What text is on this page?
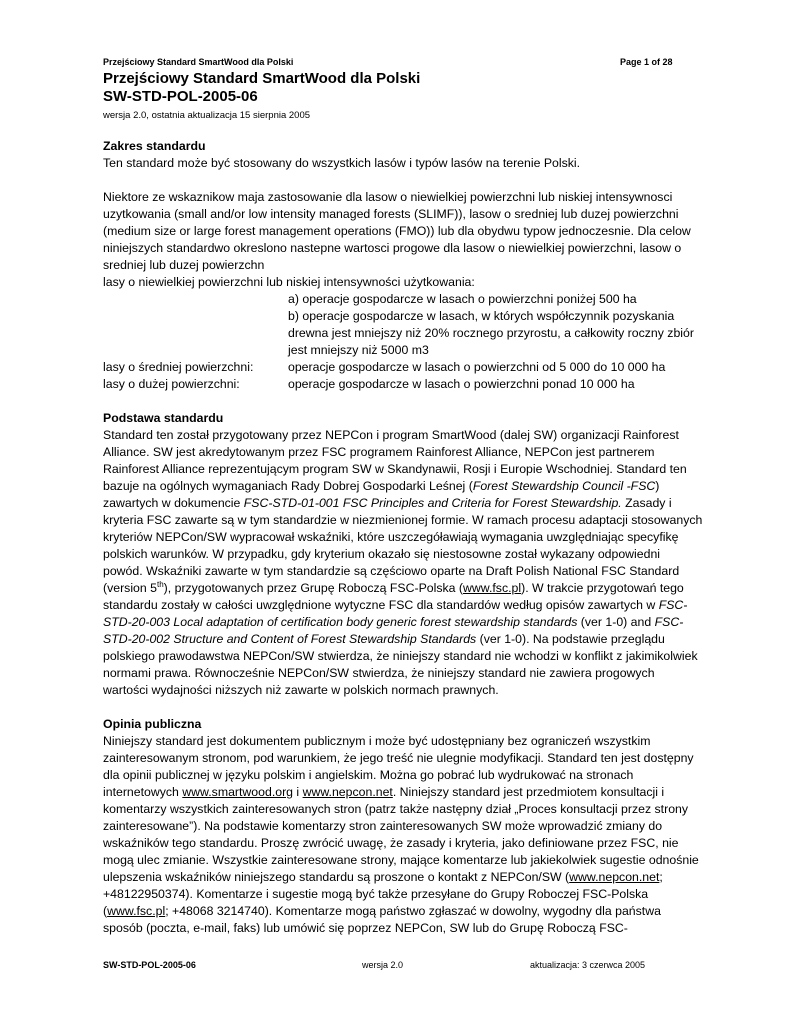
Przejściowy Standard SmartWood dla Polski	Page 1 of 28
Przejściowy Standard SmartWood dla Polski
SW-STD-POL-2005-06
wersja 2.0, ostatnia aktualizacja 15 sierpnia 2005
Zakres standardu

Ten standard może być stosowany do wszystkich lasów i typów lasów na terenie Polski.

Niektore ze wskaznikow maja zastosowanie dla lasow o niewielkiej powierzchni lub niskiej intensywnosci uzytkowania (small and/or low intensity managed forests (SLIMF)), lasow o sredniej lub duzej powierzchni (medium size or large forest management operations (FMO)) lub dla obydwu typow jednoczesnie. Dla celow niniejszych standardwo okreslono nastepne wartosci progowe dla lasow o niewielkiej powierzchni, lasow o sredniej lub duzej powierzchn

lasy o niewielkiej powierzchni lub niskiej intensywności użytkowania:

a) operacje gospodarcze w lasach o powierzchni poniżej 500 ha

b) operacje gospodarcze w lasach, w których współczynnik pozyskania drewna jest mniejszy niż 20% rocznego przyrostu, a całkowity roczny zbiór jest mniejszy niż 5000 m3

lasy o średniej powierzchni:	operacje gospodarcze w lasach o powierzchni od 5 000 do 10 000 ha
lasy o dużej powierzchni:	operacje gospodarcze w lasach o powierzchni ponad 10 000 ha
Podstawa standardu

Standard ten został przygotowany przez NEPCon i program SmartWood (dalej SW) organizacji Rainforest Alliance. SW jest akredytowanym przez FSC programem Rainforest Alliance, NEPCon jest partnerem Rainforest Alliance reprezentującym program SW w Skandynawii, Rosji i Europie Wschodniej. Standard ten bazuje na ogólnych wymaganiach Rady Dobrej Gospodarki Leśnej (Forest Stewardship Council -FSC) zawartych w dokumencie FSC-STD-01-001 FSC Principles and Criteria for Forest Stewardship. Zasady i kryteria FSC zawarte są w tym standardzie w niezmienionej formie. W ramach procesu adaptacji stosowanych kryteriów NEPCon/SW wypracował wskaźniki, które uszczegóławiają wymagania uwzględniając specyfikę polskich warunków. W przypadku, gdy kryterium okazało się niestosowne został wykazany odpowiedni powód. Wskaźniki zawarte w tym standardzie są częściowo oparte na Draft Polish National FSC Standard (version 5th), przygotowanych przez Grupę Roboczą FSC-Polska (www.fsc.pl). W trakcie przygotowań tego standardu zostały w całości uwzględnione wytyczne FSC dla standardów według opisów zawartych w FSC-STD-20-003 Local adaptation of certification body generic forest stewardship standards (ver 1-0) and FSC-STD-20-002 Structure and Content of Forest Stewardship Standards (ver 1-0). Na podstawie przeglądu polskiego prawodawstwa NEPCon/SW stwierdza, że niniejszy standard nie wchodzi w konflikt z jakimikolwiek normami prawa. Równocześnie NEPCon/SW stwierdza, że niniejszy standard nie zawiera progowych wartości wydajności niższych niż zawarte w polskich normach prawnych.

Opinia publiczna

Niniejszy standard jest dokumentem publicznym i może być udostępniany bez ograniczeń wszystkim zainteresowanym stronom, pod warunkiem, że jego treść nie ulegnie modyfikacji. Standard ten jest dostępny dla opinii publicznej w języku polskim i angielskim. Można go pobrać lub wydrukować na stronach internetowych www.smartwood.org i www.nepcon.net. Niniejszy standard jest przedmiotem konsultacji i komentarzy wszystkich zainteresowanych stron (patrz także następny dział „Proces konsultacji przez strony zainteresowane”). Na podstawie komentarzy stron zainteresowanych SW może wprowadzić zmiany do wskaźników tego standardu. Proszę zwrócić uwagę, że zasady i kryteria, jako definiowane przez FSC, nie mogą ulec zmianie. Wszystkie zainteresowane strony, mające komentarze lub jakiekolwiek sugestie odnośnie ulepszenia wskaźników niniejszego standardu są proszone o kontakt z NEPCon/SW (www.nepcon.net; +48122950374). Komentarze i sugestie mogą być także przesyłane do Grupy Roboczej FSC-Polska (www.fsc.pl; +48068 3214740). Komentarze mogą państwo zgłaszać w dowolny, wygodny dla państwa sposób (poczta, e-mail, faks) lub umówić się poprzez NEPCon, SW lub do Grupę Roboczą FSC-

SW-STD-POL-2005-06	wersja 2.0	aktualizacja: 3 czerwca 2005
